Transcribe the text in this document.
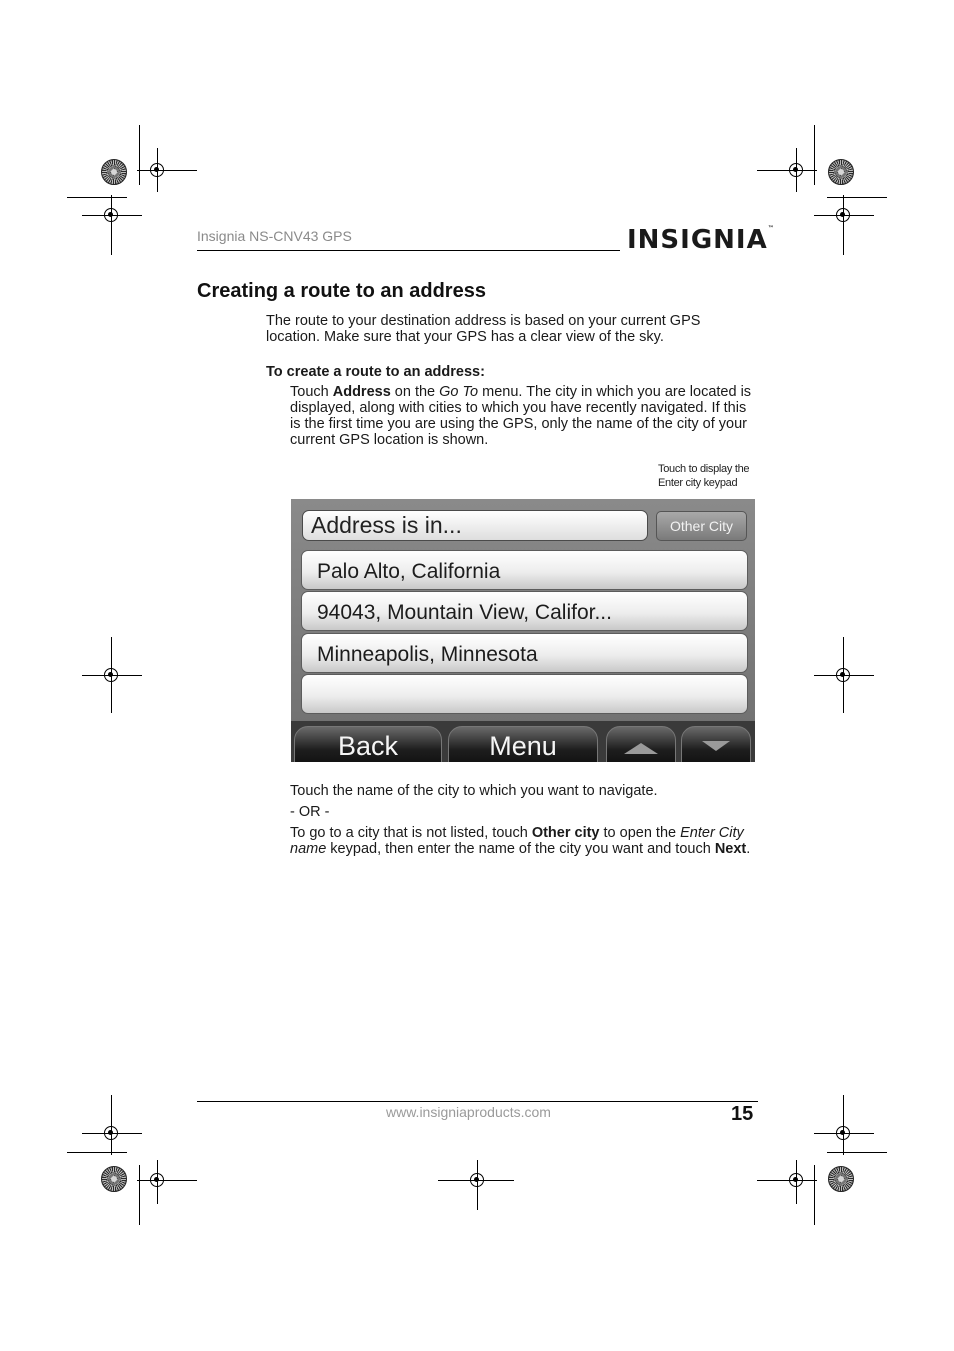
Insignia NS-CNV43 GPS	INSIGNIA™
Creating a route to an address
The route to your destination address is based on your current GPS location. Make sure that your GPS has a clear view of the sky.
To create a route to an address:
Touch Address on the Go To menu. The city in which you are located is displayed, along with cities to which you have recently navigated. If this is the first time you are using the GPS, only the name of the city of your current GPS location is shown.
Touch to display the
Enter city keypad
Address is in...	Other City
Palo Alto, California
94043, Mountain View, Califor...
Minneapolis, Minnesota
Back	Menu
Touch the name of the city to which you want to navigate.
- OR -
To go to a city that is not listed, touch Other city to open the Enter City name keypad, then enter the name of the city you want and touch Next.
www.insigniaproducts.com	15
